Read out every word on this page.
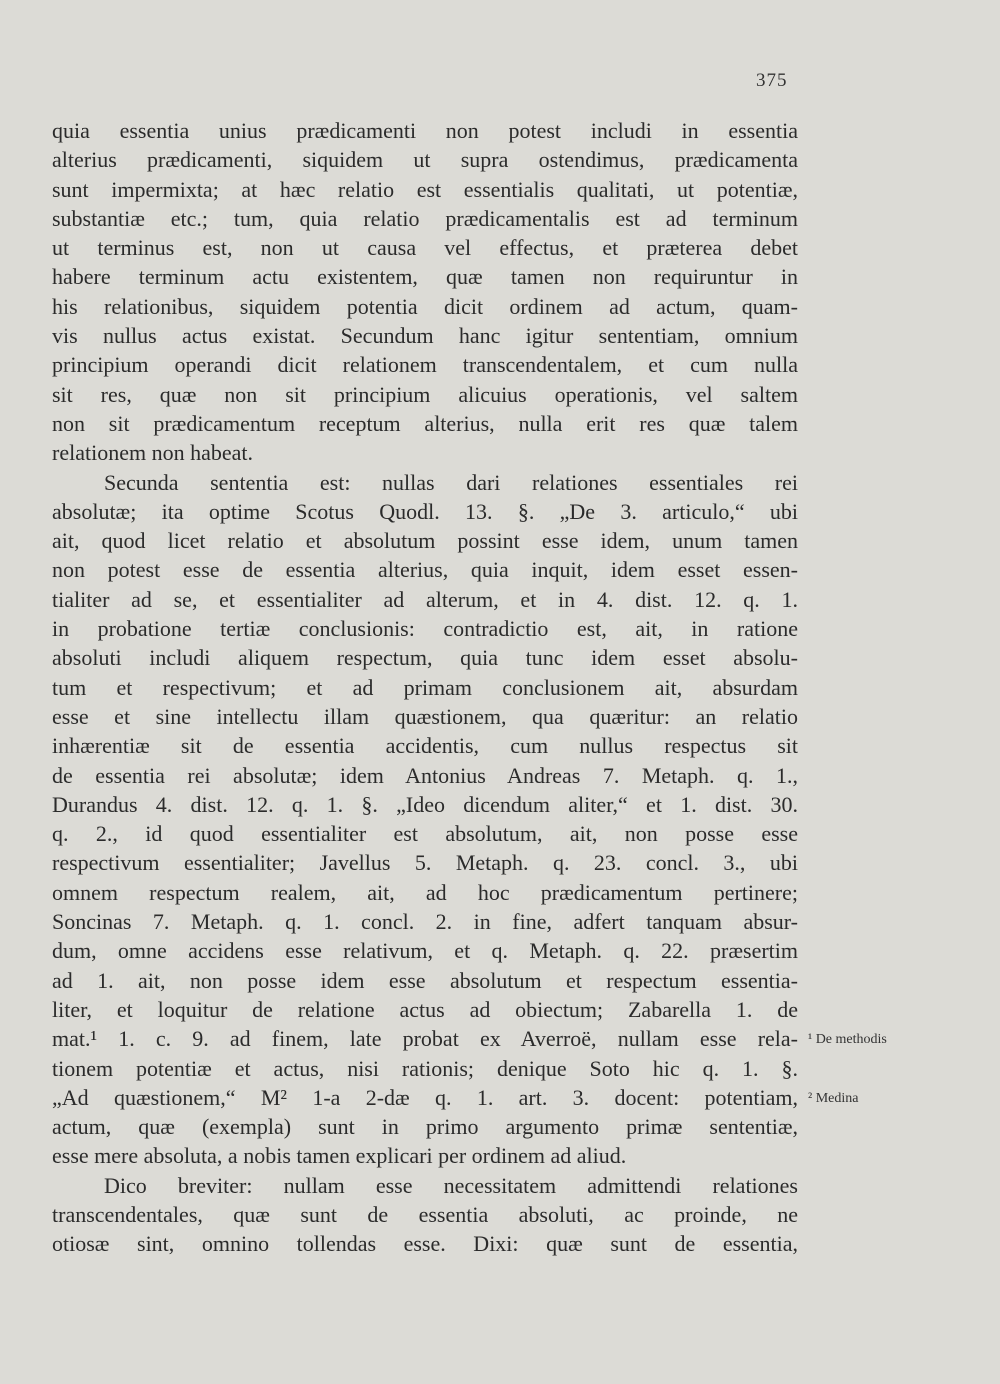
375
quia essentia unius prædicamenti non potest includi in essentia
alterius prædicamenti, siquidem ut supra ostendimus, prædicamenta
sunt impermixta; at hæc relatio est essentialis qualitati, ut potentiæ,
substantiæ etc.; tum, quia relatio prædicamentalis est ad terminum
ut terminus est, non ut causa vel effectus, et præterea debet
habere terminum actu existentem, quæ tamen non requiruntur in
his relationibus, siquidem potentia dicit ordinem ad actum, quam-
vis nullus actus existat. Secundum hanc igitur sententiam, omnium
principium operandi dicit relationem transcendentalem, et cum nulla
sit res, quæ non sit principium alicuius operationis, vel saltem
non sit prædicamentum receptum alterius, nulla erit res quæ talem
relationem non habeat.
Secunda sententia est: nullas dari relationes essentiales rei
absolutæ; ita optime Scotus Quodl. 13. §. „De 3. articulo,“ ubi
ait, quod licet relatio et absolutum possint esse idem, unum tamen
non potest esse de essentia alterius, quia inquit, idem esset essen-
tialiter ad se, et essentialiter ad alterum, et in 4. dist. 12. q. 1.
in probatione tertiæ conclusionis: contradictio est, ait, in ratione
absoluti includi aliquem respectum, quia tunc idem esset absolu-
tum et respectivum; et ad primam conclusionem ait, absurdam
esse et sine intellectu illam quæstionem, qua quæritur: an relatio
inhærentiæ sit de essentia accidentis, cum nullus respectus sit
de essentia rei absolutæ; idem Antonius Andreas 7. Metaph. q. 1.,
Durandus 4. dist. 12. q. 1. §. „Ideo dicendum aliter,“ et 1. dist. 30.
q. 2., id quod essentialiter est absolutum, ait, non posse esse
respectivum essentialiter; Javellus 5. Metaph. q. 23. concl. 3., ubi
omnem respectum realem, ait, ad hoc prædicamentum pertinere;
Soncinas 7. Metaph. q. 1. concl. 2. in fine, adfert tanquam absur-
dum, omne accidens esse relativum, et q. Metaph. q. 22. præsertim
ad 1. ait, non posse idem esse absolutum et respectum essentia-
liter, et loquitur de relatione actus ad obiectum; Zabarella 1. de
mat.¹ 1. c. 9. ad finem, late probat ex Averroë, nullam esse rela-
tionem potentiæ et actus, nisi rationis; denique Soto hic q. 1. §.
„Ad quæstionem,“ M² 1-a 2-dæ q. 1. art. 3. docent: potentiam,
actum, quæ (exempla) sunt in primo argumento primæ sententiæ,
esse mere absoluta, a nobis tamen explicari per ordinem ad aliud.
Dico breviter: nullam esse necessitatem admittendi relationes
transcendentales, quæ sunt de essentia absoluti, ac proinde, ne
otiosæ sint, omnino tollendas esse. Dixi: quæ sunt de essentia,
¹ De methodis
² Medina
